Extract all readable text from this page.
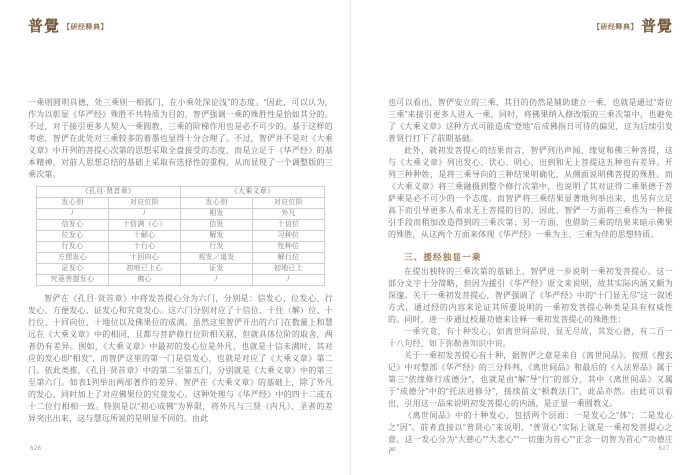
普覺 【研经释典】

一乘则圆明具德，处三乘则一相孤门，在小乘处深论浅”的态度。“因此，可以认为，作为以彰显《华严经》殊胜不共特质为目的，智俨强调一乘的殊胜性是恰如其分的。不过，对于接引更多人契入一乘圆教，三乘的阶梯作用也是必不可少的。基于这样的考虑，智俨在此处对三乘较多的着墨也显得十分合理了。不过，智俨并不是对《大乘义章》中开列的菩提心次第的思想采取全盘接受的态度，而是立足于《华严经》的基本精神，对前人思想总结的基础上采取有选择性的重构，从而显现了一个调整版的三乘次第。

《孔目·贤首章》		《大乘义章》	
发心别	对应位阶	发心别	对应位阶
/	/	相发	外凡
信发心	十信满（心）	信发	十信位
位发心	十解心	解发	习种位
行发心	十行心	行发	性种位
方便发心	十回向心	观发／道发	解行位
证发心	初地已上心	证发	初地已上
究竟菩提发心	佛心	/	/

智俨在《孔目·贤首章》中将发菩提心分为六门，分别是：信发心、位发心、行发心、方便发心、证发心和究竟发心。这六门分别对应了十信位、十住（解）位、十行位、十回向位、十地位以及佛果位的成满。虽然这里智俨开出的六门在数量上和慧远在《大乘义章》中的相同，且都与菩萨修行位阶相关联，但就具体位阶的取舍，两者仍有差异。例如，《大乘义章》中最初的发心位是外凡，也就是十信未满时，其对应的发心即“相发”，而智俨这里的第一门是信发心，也就是对应了《大乘义章》第二门。依此类推，《孔目·贤首章》中的第二至第五门，分别就是《大乘义章》中的第三至第六门。如表1列举出两部著作的差异。智俨在《大乘义章》的基础上，除了外凡的发心，同时加上了对应佛果位的究竟发心。这种处理与《华严经》中的四十二或五十二位行相相一致。特别是以“初心成佛”为界限，将外凡与三贤（内凡）、圣者的差异突出出来，这与慧远所说的是明显不同的。由此

626
【研经释典】 普覺

也可以看出，智俨安立的三乘，其目的仍然是辅助建立一乘，也就是通过“寄位三乘”来接引更多人进入一乘，同时，将佛果纳入修改版的三乘次第中，也避免了《大乘义章》这种方式可能造成“登地”后成佛指日可待的偏见，这为后续引发普贤行打下了前期基础。

此外，就初发菩提心的结果而言，智俨列出声闻、缘觉和佛三种菩提，这与《大乘义章》列出发心、伏心、明心、出到和无上菩提这五种也有差异。开列三种种姓，是将三乘导向的三种结果明确化，从侧面说明佛菩提的殊胜。而《大乘义章》将三乘融摄到整个修行次第中，也说明了其对证得二乘果德于菩萨乘是必不可少的一个态度。而智俨将三乘结果显著地列举出来，也另有立足高下而引导更多人希求无上菩提的目的。因此，智俨一方面将三乘作为一种接引手段而稍加改造得到的三乘次第；另一方面，也借助三乘的结果来暗示佛果的殊胜，从这两个方面来体现《华严经》一乘为主、三乘为伴的思想特质。

三、援经独显一乘

在提出独特的三乘次第的基础上，智俨进一步说明一乘初发菩提心。这一部分文字十分简略，但因为援引《华严经》原文来说明，故其实际内涵又颇为深邃。关于一乘初发菩提心，智俨强调了《华严经》中的“十门显无尽”这一叙述方式，通过经的内容来论证其所要说明的一乘初发菩提心种类是具有权威性的。同时，进一步通过校量功德来诠释一乘初发菩提心的殊胜性：

一乘究竟，有十种发心，如离世间品说，显无尽故，其发心德，有二百一十八句经，如下弥勒善知识中说。

关于一乘初发菩提心有十种，据智俨之意是来自《离世间品》。按照《搜玄记》中对整部《华严经》的三分科判，《离世间品》和最后的《入法界品》属于第三“依缘修行成德分”，也就是由“解”导“行”的部分，其中《离世间品》又属于“成德分”中的“托法进修分”，接续前文“顿教法门”，此品亦然。由此可以看出，引用这一品来说明初发菩提心的内涵，是正显一乘圆教义。

《离世间品》中的十种发心，包括两个层面：一是发心之“体”；二是发心之“因”。前者直接以“普贤心”来说明，“普贤心”实际上就是一乘初发菩提心之意。这一发心分为“大慈心”“大悲心”“一切施为首心”“正念一切智为首心”“功德庄严	627
